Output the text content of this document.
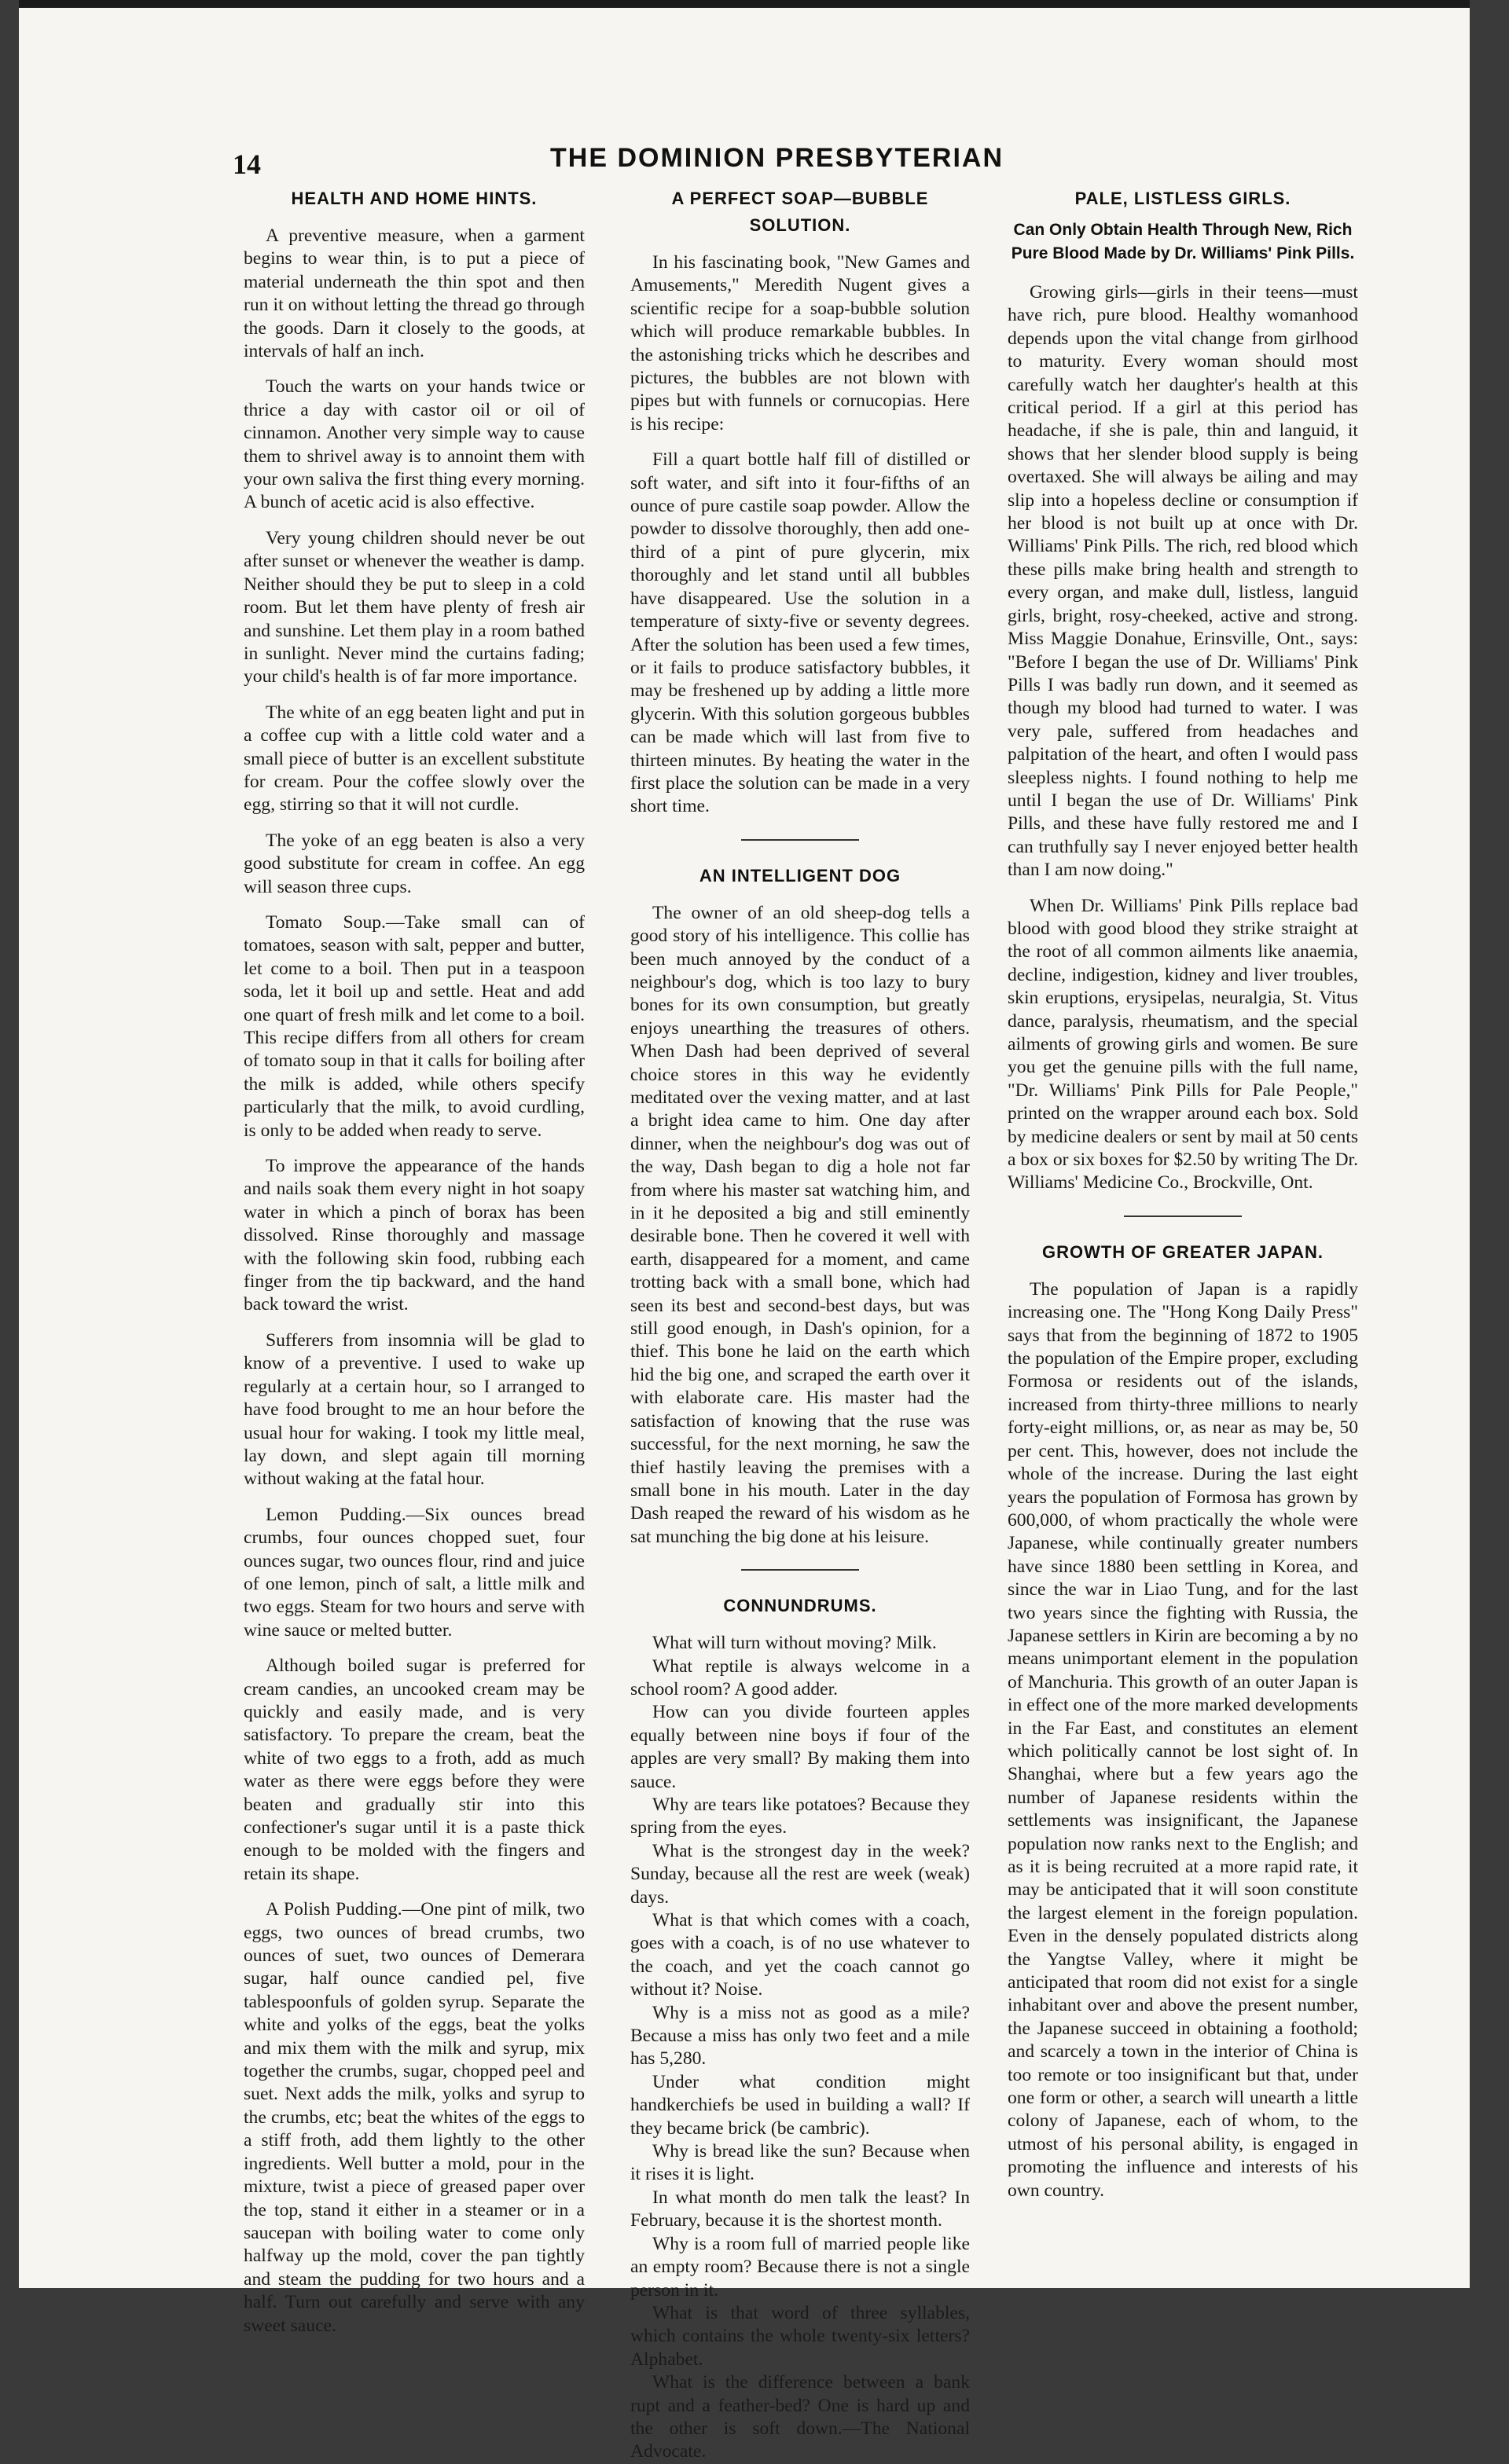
14	THE DOMINION PRESBYTERIAN
HEALTH AND HOME HINTS.

A preventive measure, when a garment begins to wear thin, is to put a piece of material underneath the thin spot and then run it on without letting the thread go through the goods. Darn it closely to the goods, at intervals of half an inch.

Touch the warts on your hands twice or thrice a day with castor oil or oil of cinnamon. Another very simple way to cause them to shrivel away is to annoint them with your own saliva the first thing every morning. A bunch of acetic acid is also effective.

Very young children should never be out after sunset or whenever the weather is damp. Neither should they be put to sleep in a cold room. But let them have plenty of fresh air and sunshine. Let them play in a room bathed in sunlight. Never mind the curtains fading; your child's health is of far more importance.

The white of an egg beaten light and put in a coffee cup with a little cold water and a small piece of butter is an excellent substitute for cream. Pour the coffee slowly over the egg, stirring so that it will not curdle.

The yoke of an egg beaten is also a very good substitute for cream in coffee. An egg will season three cups.

Tomato Soup.—Take small can of tomatoes, season with salt, pepper and butter, let come to a boil. Then put in a teaspoon soda, let it boil up and settle. Heat and add one quart of fresh milk and let come to a boil. This recipe differs from all others for cream of tomato soup in that it calls for boiling after the milk is added, while others specify particularly that the milk, to avoid curdling, is only to be added when ready to serve.

To improve the appearance of the hands and nails soak them every night in hot soapy water in which a pinch of borax has been dissolved. Rinse thoroughly and massage with the following skin food, rubbing each finger from the tip backward, and the hand back toward the wrist.

Sufferers from insomnia will be glad to know of a preventive. I used to wake up regularly at a certain hour, so I arranged to have food brought to me an hour before the usual hour for waking. I took my little meal, lay down, and slept again till morning without waking at the fatal hour.

Lemon Pudding.—Six ounces bread crumbs, four ounces chopped suet, four ounces sugar, two ounces flour, rind and juice of one lemon, pinch of salt, a little milk and two eggs. Steam for two hours and serve with wine sauce or melted butter.

Although boiled sugar is preferred for cream candies, an uncooked cream may be quickly and easily made, and is very satisfactory. To prepare the cream, beat the white of two eggs to a froth, add as much water as there were eggs before they were beaten and gradually stir into this confectioner's sugar until it is a paste thick enough to be molded with the fingers and retain its shape.

A Polish Pudding.—One pint of milk, two eggs, two ounces of bread crumbs, two ounces of suet, two ounces of Demerara sugar, half ounce candied pel, five tablespoonfuls of golden syrup. Separate the white and yolks of the eggs, beat the yolks and mix them with the milk and syrup, mix together the crumbs, sugar, chopped peel and suet. Next adds the milk, yolks and syrup to the crumbs, etc; beat the whites of the eggs to a stiff froth, add them lightly to the other ingredients. Well butter a mold, pour in the mixture, twist a piece of greased paper over the top, stand it either in a steamer or in a saucepan with boiling water to come only halfway up the mold, cover the pan tightly and steam the pudding for two hours and a half. Turn out carefully and serve with any sweet sauce.

A PERFECT SOAP—BUBBLE SOLUTION.

In his fascinating book, "New Games and Amusements," Meredith Nugent gives a scientific recipe for a soap-bubble solution which will produce remarkable bubbles. In the astonishing tricks which he describes and pictures, the bubbles are not blown with pipes but with funnels or cornucopias. Here is his recipe:

Fill a quart bottle half fill of distilled or soft water, and sift into it four-fifths of an ounce of pure castile soap powder. Allow the powder to dissolve thoroughly, then add one-third of a pint of pure glycerin, mix thoroughly and let stand until all bubbles have disappeared. Use the solution in a temperature of sixty-five or seventy degrees. After the solution has been used a few times, or it fails to produce satisfactory bubbles, it may be freshened up by adding a little more glycerin. With this solution gorgeous bubbles can be made which will last from five to thirteen minutes. By heating the water in the first place the solution can be made in a very short time.

AN INTELLIGENT DOG

The owner of an old sheep-dog tells a good story of his intelligence. This collie has been much annoyed by the conduct of a neighbour's dog, which is too lazy to bury bones for its own consumption, but greatly enjoys unearthing the treasures of others. When Dash had been deprived of several choice stores in this way he evidently meditated over the vexing matter, and at last a bright idea came to him. One day after dinner, when the neighbour's dog was out of the way, Dash began to dig a hole not far from where his master sat watching him, and in it he deposited a big and still eminently desirable bone. Then he covered it well with earth, disappeared for a moment, and came trotting back with a small bone, which had seen its best and second-best days, but was still good enough, in Dash's opinion, for a thief. This bone he laid on the earth which hid the big one, and scraped the earth over it with elaborate care. His master had the satisfaction of knowing that the ruse was successful, for the next morning, he saw the thief hastily leaving the premises with a small bone in his mouth. Later in the day Dash reaped the reward of his wisdom as he sat munching the big done at his leisure.

CONNUNDRUMS.

What will turn without moving? Milk.

What reptile is always welcome in a school room? A good adder.

How can you divide fourteen apples equally between nine boys if four of the apples are very small? By making them into sauce.

Why are tears like potatoes? Because they spring from the eyes.

What is the strongest day in the week? Sunday, because all the rest are week (weak) days.

What is that which comes with a coach, goes with a coach, is of no use whatever to the coach, and yet the coach cannot go without it? Noise.

Why is a miss not as good as a mile? Because a miss has only two feet and a mile has 5,280.

Under what condition might handkerchiefs be used in building a wall? If they became brick (be cambric).

Why is bread like the sun? Because when it rises it is light.

In what month do men talk the least? In February, because it is the shortest month.

Why is a room full of married people like an empty room? Because there is not a single person in it.

What is that word of three syllables, which contains the whole twenty-six letters? Alphabet.

What is the difference between a bank rupt and a feather-bed? One is hard up and the other is soft down.—The National Advocate.

PALE, LISTLESS GIRLS.
Can Only Obtain Health Through New, Rich Pure Blood Made by Dr. Williams' Pink Pills.

Growing girls—girls in their teens—must have rich, pure blood. Healthy womanhood depends upon the vital change from girlhood to maturity. Every woman should most carefully watch her daughter's health at this critical period. If a girl at this period has headache, if she is pale, thin and languid, it shows that her slender blood supply is being overtaxed. She will always be ailing and may slip into a hopeless decline or consumption if her blood is not built up at once with Dr. Williams' Pink Pills. The rich, red blood which these pills make bring health and strength to every organ, and make dull, listless, languid girls, bright, rosy-cheeked, active and strong. Miss Maggie Donahue, Erinsville, Ont., says: "Before I began the use of Dr. Williams' Pink Pills I was badly run down, and it seemed as though my blood had turned to water. I was very pale, suffered from headaches and palpitation of the heart, and often I would pass sleepless nights. I found nothing to help me until I began the use of Dr. Williams' Pink Pills, and these have fully restored me and I can truthfully say I never enjoyed better health than I am now doing."

When Dr. Williams' Pink Pills replace bad blood with good blood they strike straight at the root of all common ailments like anaemia, decline, indigestion, kidney and liver troubles, skin eruptions, erysipelas, neuralgia, St. Vitus dance, paralysis, rheumatism, and the special ailments of growing girls and women. Be sure you get the genuine pills with the full name, "Dr. Williams' Pink Pills for Pale People," printed on the wrapper around each box. Sold by medicine dealers or sent by mail at 50 cents a box or six boxes for $2.50 by writing The Dr. Williams' Medicine Co., Brockville, Ont.

GROWTH OF GREATER JAPAN.

The population of Japan is a rapidly increasing one. The "Hong Kong Daily Press" says that from the beginning of 1872 to 1905 the population of the Empire proper, excluding Formosa or residents out of the islands, increased from thirty-three millions to nearly forty-eight millions, or, as near as may be, 50 per cent. This, however, does not include the whole of the increase. During the last eight years the population of Formosa has grown by 600,000, of whom practically the whole were Japanese, while continually greater numbers have since 1880 been settling in Korea, and since the war in Liao Tung, and for the last two years since the fighting with Russia, the Japanese settlers in Kirin are becoming a by no means unimportant element in the population of Manchuria. This growth of an outer Japan is in effect one of the more marked developments in the Far East, and constitutes an element which politically cannot be lost sight of. In Shanghai, where but a few years ago the number of Japanese residents within the settlements was insignificant, the Japanese population now ranks next to the English; and as it is being recruited at a more rapid rate, it may be anticipated that it will soon constitute the largest element in the foreign population. Even in the densely populated districts along the Yangtse Valley, where it might be anticipated that room did not exist for a single inhabitant over and above the present number, the Japanese succeed in obtaining a foothold; and scarcely a town in the interior of China is too remote or too insignificant but that, under one form or other, a search will unearth a little colony of Japanese, each of whom, to the utmost of his personal ability, is engaged in promoting the influence and interests of his own country.
